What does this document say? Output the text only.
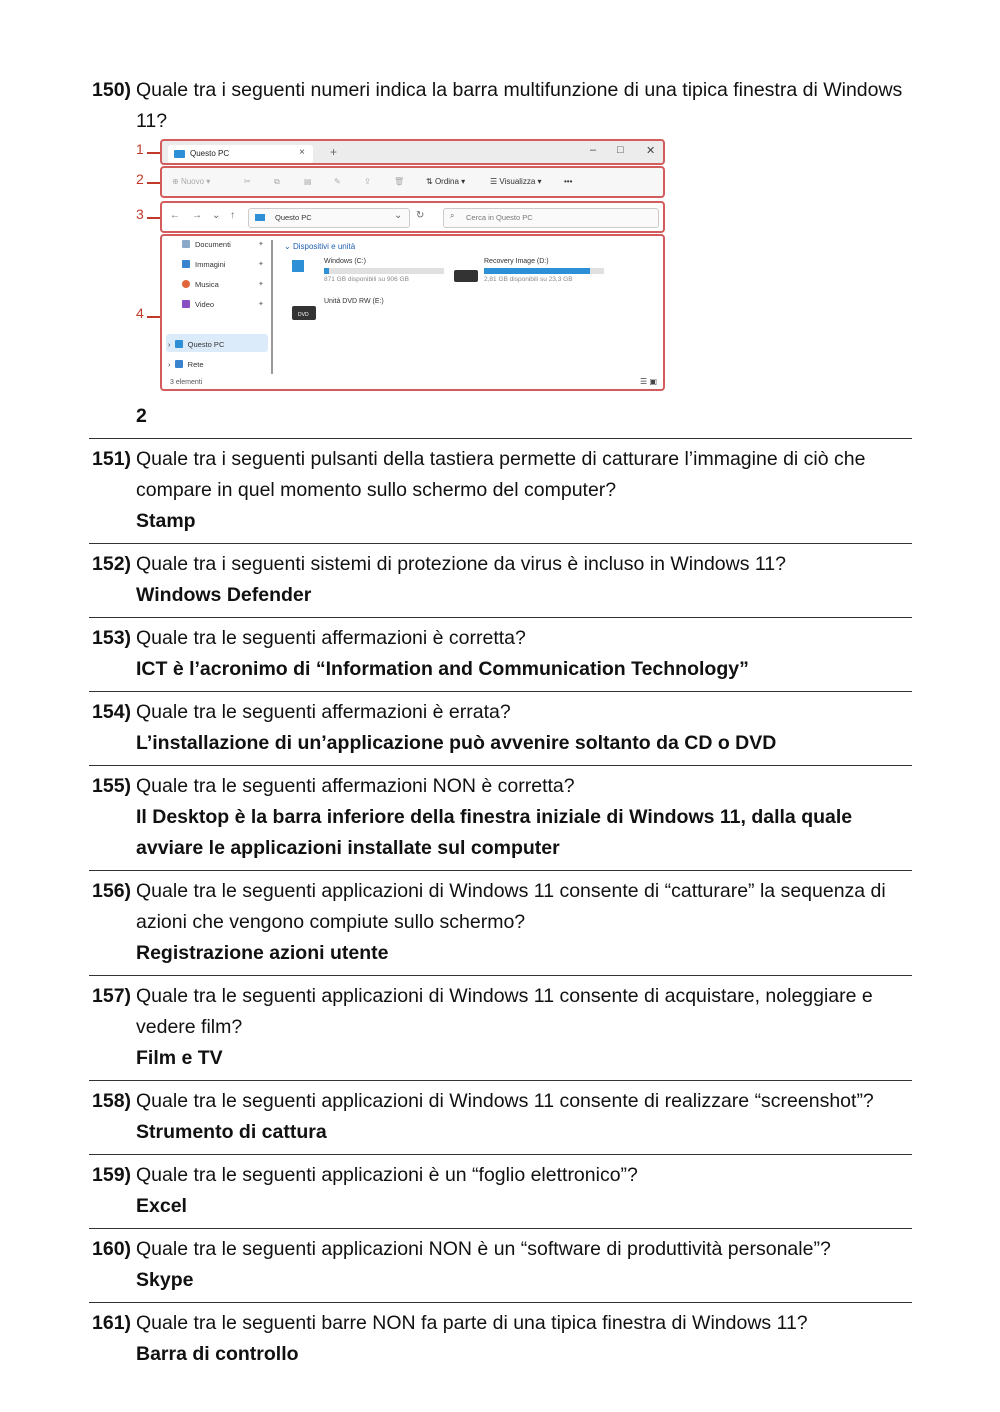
150) Quale tra i seguenti numeri indica la barra multifunzione di una tipica finestra di Windows 11?
1
2
3
4
Questo PC	× +	– □ ✕
⊕ Nuovo ▾	✂	⧉	▤	✎	⇪	🗑	⇅ Ordina ▾	☰ Visualizza ▾	•••
← → ⌄ ↑	Questo PC	⌄ ↻	⌕ Cerca in Questo PC
Documenti	✦
Immagini	✦
Musica	✦
Video	✦
›  Questo PC
›  Rete
⌄ Dispositivi e unità
Windows (C:)
871 GB disponibili su 906 GB
Recovery Image (D:)
2,81 GB disponibili su 23,3 GB
DVD
Unità DVD RW (E:)
3 elementi	☰ ▣
2
151) Quale tra i seguenti pulsanti della tastiera permette di catturare l’immagine di ciò che compare in quel momento sullo schermo del computer?
Stamp
152) Quale tra i seguenti sistemi di protezione da virus è incluso in Windows 11?
Windows Defender
153) Quale tra le seguenti affermazioni è corretta?
ICT è l’acronimo di “Information and Communication Technology”
154) Quale tra le seguenti affermazioni è errata?
L’installazione di un’applicazione può avvenire soltanto da CD o DVD
155) Quale tra le seguenti affermazioni NON è corretta?
Il Desktop è la barra inferiore della finestra iniziale di Windows 11, dalla quale avviare le applicazioni installate sul computer
156) Quale tra le seguenti applicazioni di Windows 11 consente di “catturare” la sequenza di azioni che vengono compiute sullo schermo?
Registrazione azioni utente
157) Quale tra le seguenti applicazioni di Windows 11 consente di acquistare, noleggiare e vedere film?
Film e TV
158) Quale tra le seguenti applicazioni di Windows 11 consente di realizzare “screenshot”?
Strumento di cattura
159) Quale tra le seguenti applicazioni è un “foglio elettronico”?
Excel
160) Quale tra le seguenti applicazioni NON è un “software di produttività personale”?
Skype
161) Quale tra le seguenti barre NON fa parte di una tipica finestra di Windows 11?
Barra di controllo
